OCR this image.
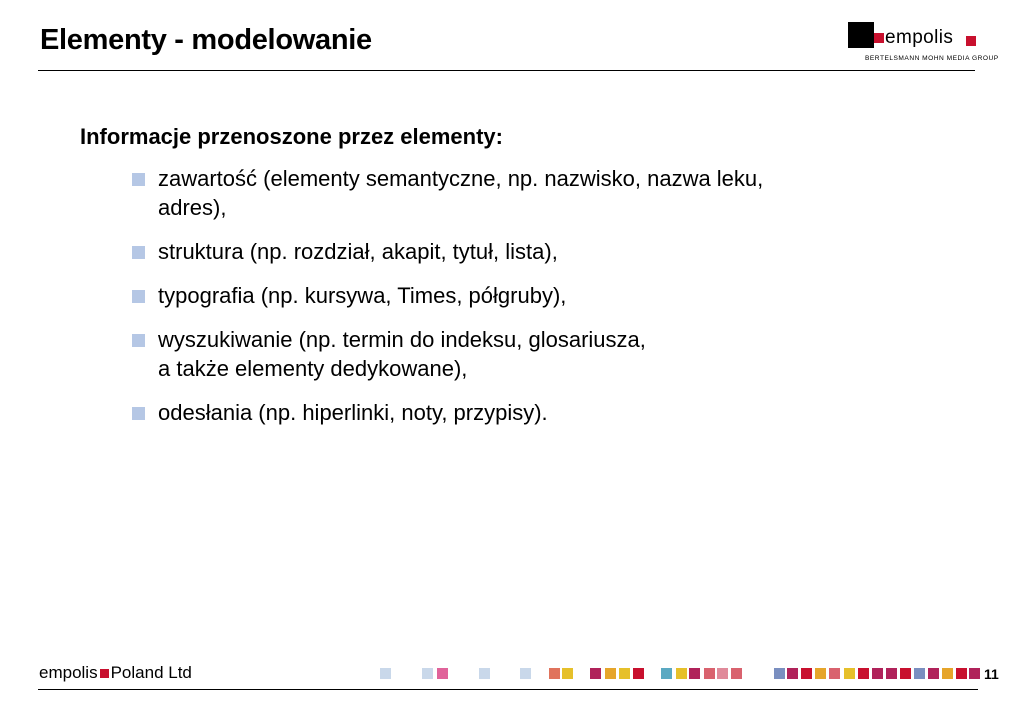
Elementy - modelowanie	empolis
BERTELSMANN MOHN MEDIA GROUP
Informacje przenoszone przez elementy:
zawartość (elementy semantyczne, np. nazwisko, nazwa leku,
adres),
struktura (np. rozdział, akapit, tytuł, lista),
typografia (np. kursywa, Times, półgruby),
wyszukiwanie (np. termin do indeksu, glosariusza,
a także elementy dedykowane),
odesłania (np. hiperlinki, noty, przypisy).
empolis Poland Ltd	11
